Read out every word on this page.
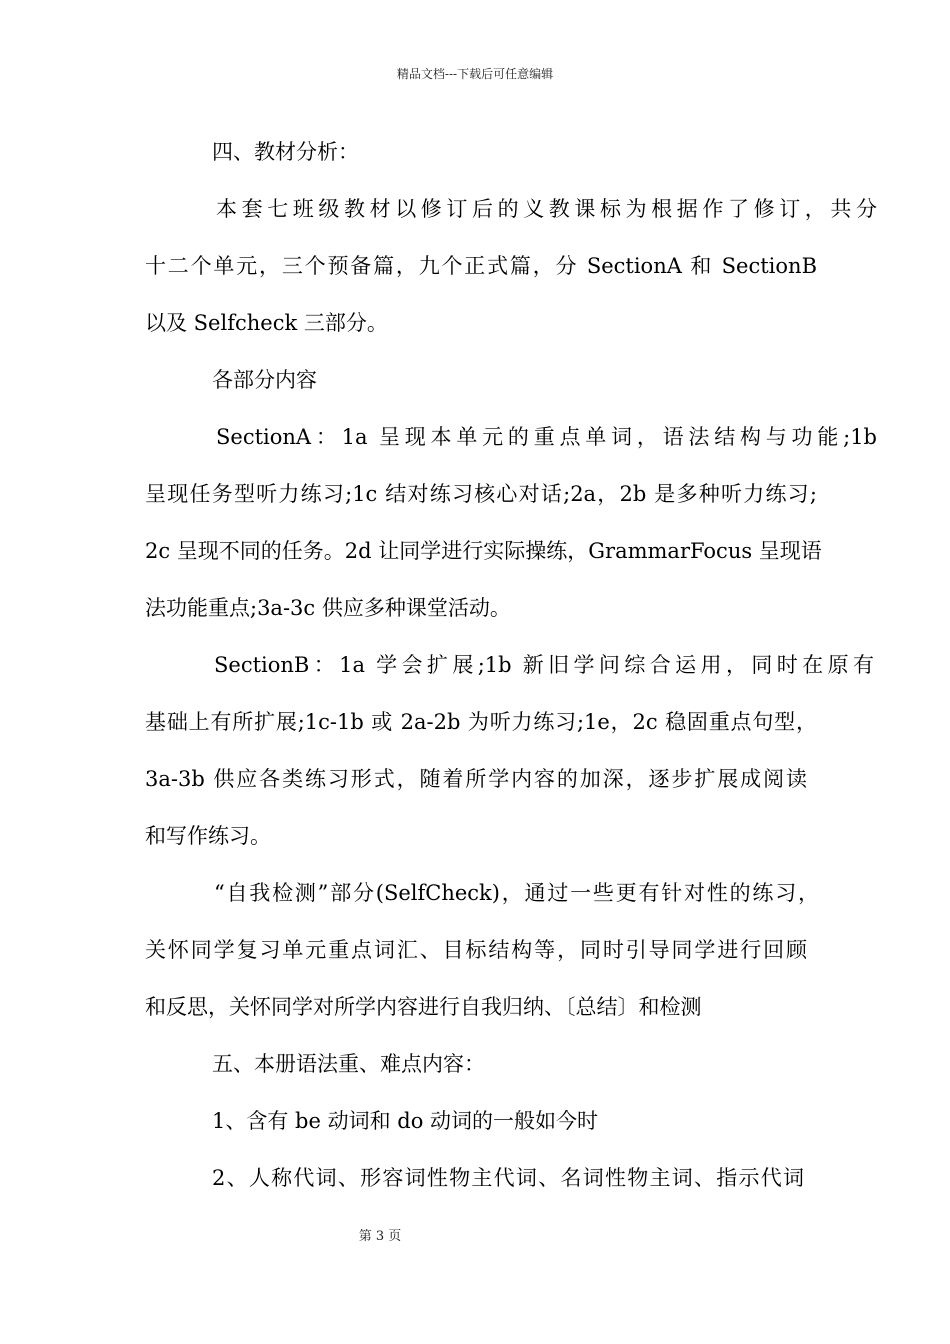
精品文档---下载后可任意编辑
四、教材分析：
本套七班级教材以修订后的义教课标为根据作了修订，共分
十二个单元，三个预备篇，九个正式篇，分 SectionA 和 SectionB
以及 Selfcheck 三部分。
各部分内容
SectionA：1a 呈现本单元的重点单词，语法结构与功能;1b
呈现任务型听力练习;1c 结对练习核心对话;2a，2b 是多种听力练习;
2c 呈现不同的任务。2d 让同学进行实际操练，GrammarFocus 呈现语
法功能重点;3a-3c 供应多种课堂活动。
SectionB：1a 学会扩展;1b 新旧学问综合运用，同时在原有
基础上有所扩展;1c-1b 或 2a-2b 为听力练习;1e，2c 稳固重点句型，
3a-3b 供应各类练习形式，随着所学内容的加深，逐步扩展成阅读
和写作练习。
“自我检测”部分(SelfCheck)，通过一些更有针对性的练习，
关怀同学复习单元重点词汇、目标结构等，同时引导同学进行回顾
和反思，关怀同学对所学内容进行自我归纳、〔总结〕和检测
五、本册语法重、难点内容：
1、含有 be 动词和 do 动词的一般如今时
2、人称代词、形容词性物主代词、名词性物主词、指示代词
第 3 页
